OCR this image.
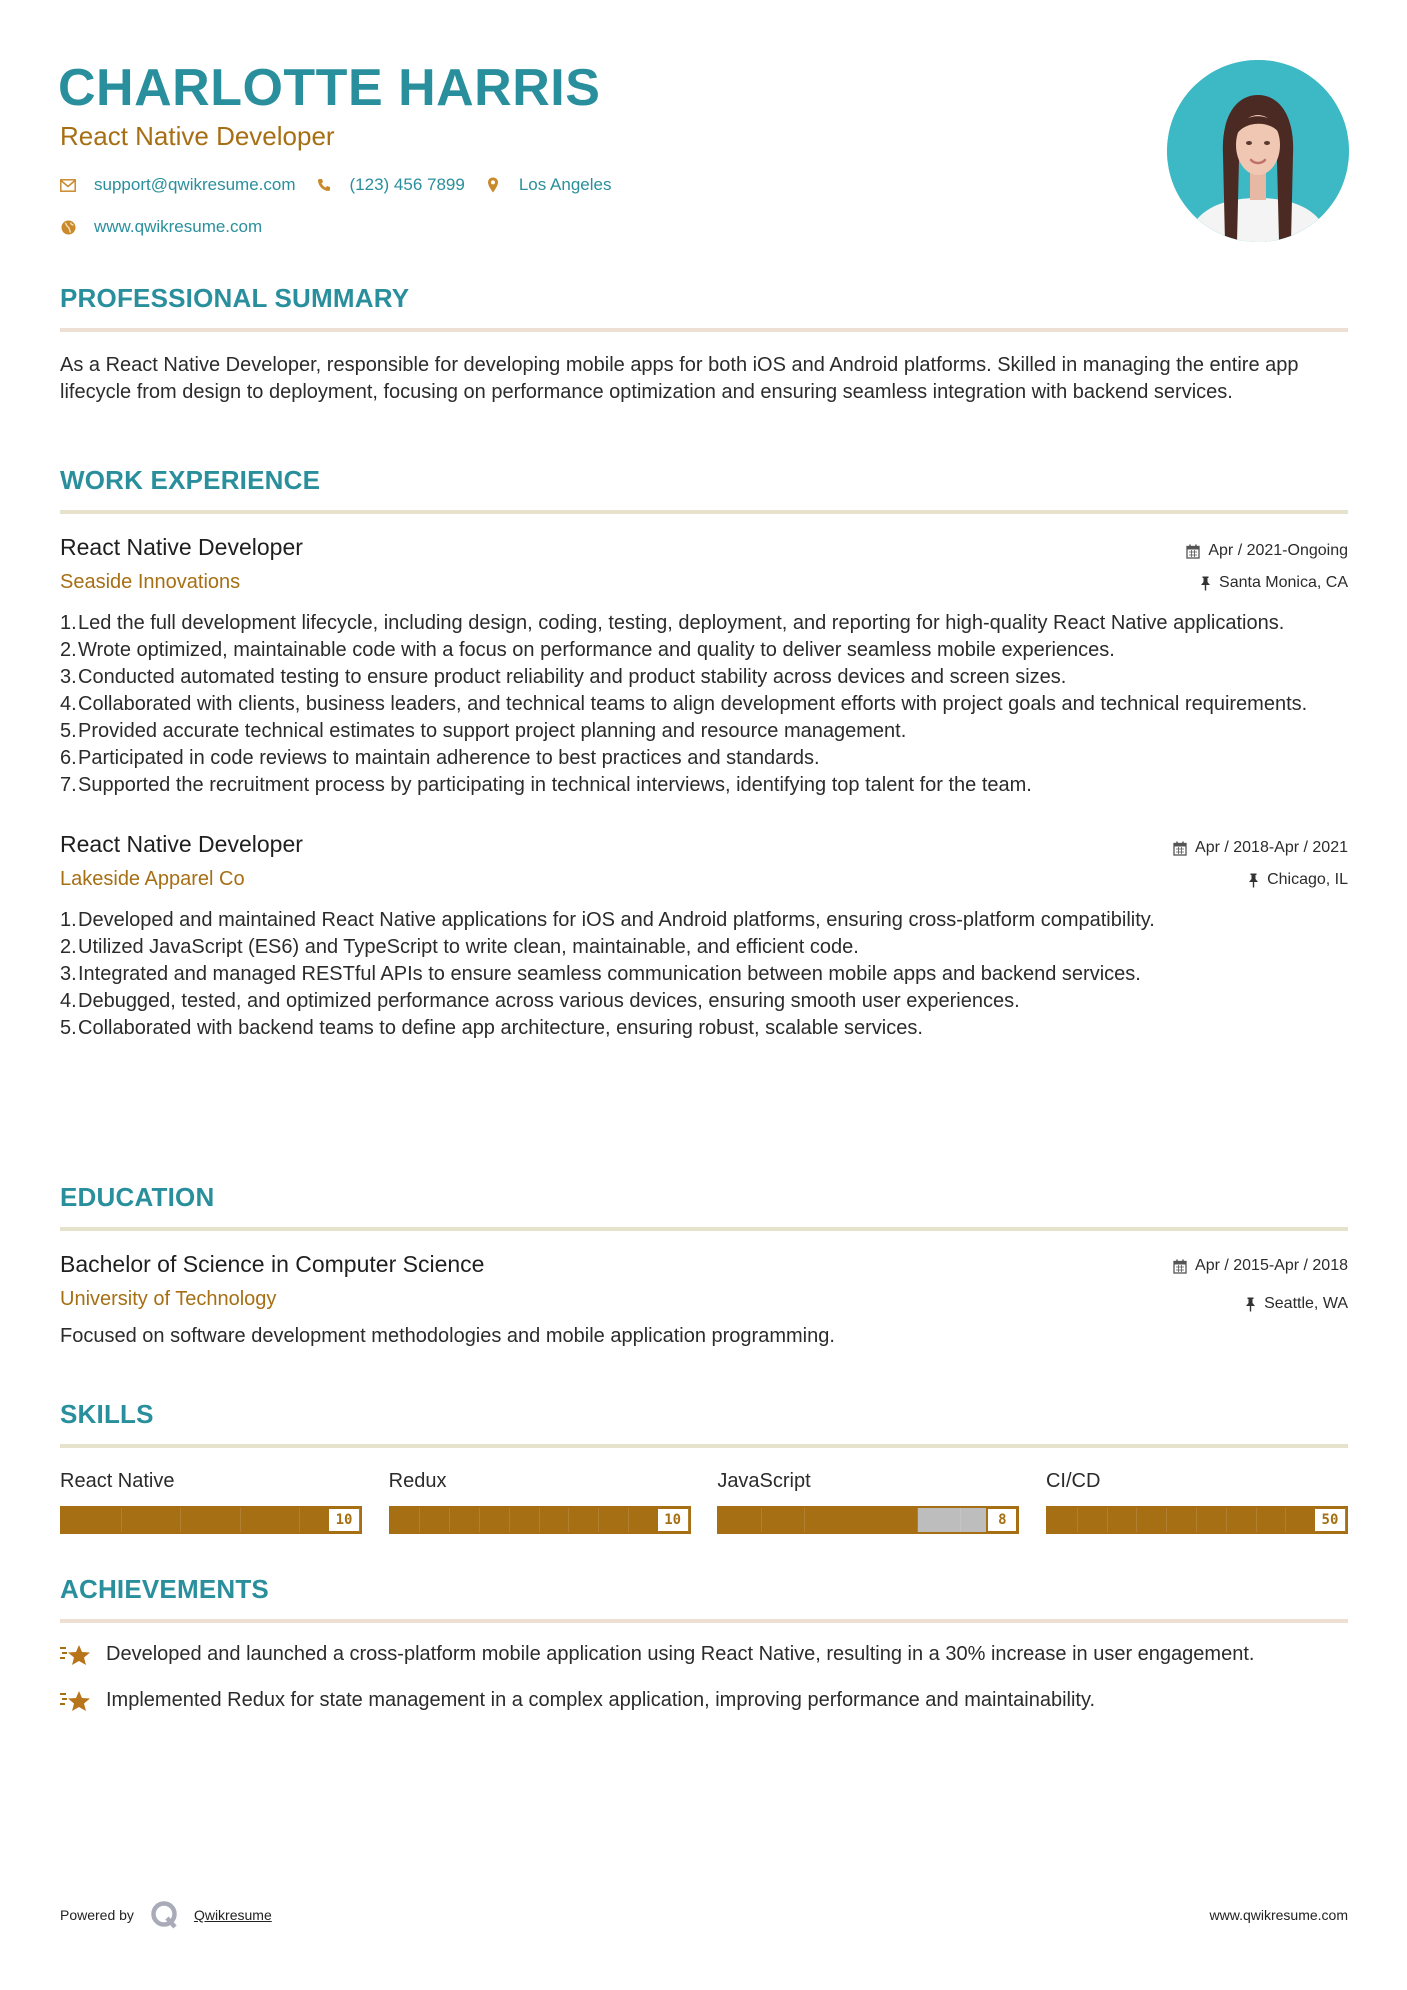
CHARLOTTE HARRIS
React Native Developer
support@qwikresume.com	(123) 456 7899	Los Angeles
www.qwikresume.com
PROFESSIONAL SUMMARY

As a React Native Developer, responsible for developing mobile apps for both iOS and Android platforms. Skilled in managing the entire app lifecycle from design to deployment, focusing on performance optimization and ensuring seamless integration with backend services.

WORK EXPERIENCE
React Native Developer
Seaside Innovations
Apr / 2021-Ongoing
Santa Monica, CA
1. Led the full development lifecycle, including design, coding, testing, deployment, and reporting for high-quality React Native applications.
2. Wrote optimized, maintainable code with a focus on performance and quality to deliver seamless mobile experiences.
3. Conducted automated testing to ensure product reliability and product stability across devices and screen sizes.
4. Collaborated with clients, business leaders, and technical teams to align development efforts with project goals and technical requirements.
5. Provided accurate technical estimates to support project planning and resource management.
6. Participated in code reviews to maintain adherence to best practices and standards.
7. Supported the recruitment process by participating in technical interviews, identifying top talent for the team.
React Native Developer
Lakeside Apparel Co
Apr / 2018-Apr / 2021
Chicago, IL
1. Developed and maintained React Native applications for iOS and Android platforms, ensuring cross-platform compatibility.
2. Utilized JavaScript (ES6) and TypeScript to write clean, maintainable, and efficient code.
3. Integrated and managed RESTful APIs to ensure seamless communication between mobile apps and backend services.
4. Debugged, tested, and optimized performance across various devices, ensuring smooth user experiences.
5. Collaborated with backend teams to define app architecture, ensuring robust, scalable services.
EDUCATION
Bachelor of Science in Computer Science
University of Technology
Apr / 2015-Apr / 2018
Seattle, WA

Focused on software development methodologies and mobile application programming.

SKILLS
React Native
10
Redux
10
JavaScript
8
CI/CD
50
ACHIEVEMENTS
Developed and launched a cross-platform mobile application using React Native, resulting in a 30% increase in user engagement.
Implemented Redux for state management in a complex application, improving performance and maintainability.
Powered by	Qwikresume	www.qwikresume.com
